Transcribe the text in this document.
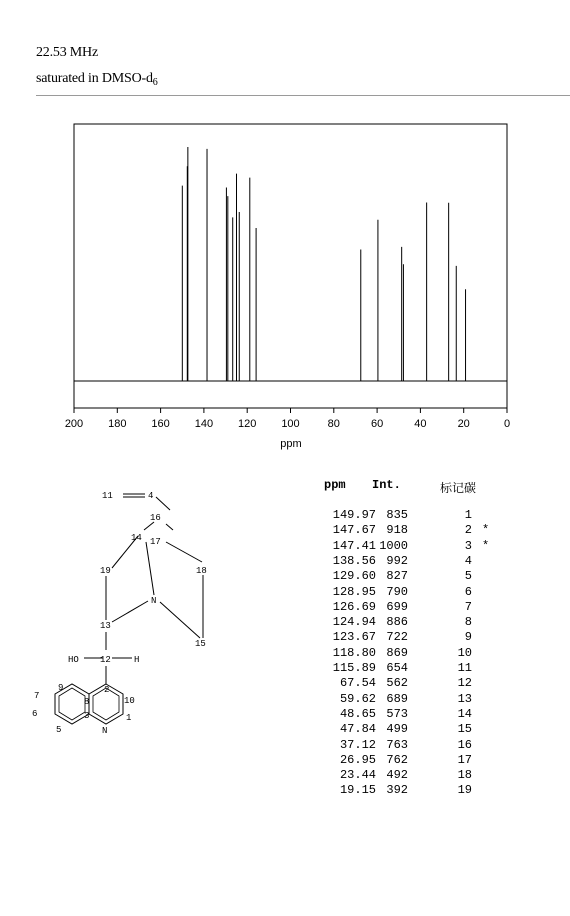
22.53 MHz
saturated in DMSO-$d_6$
200 180 160 140 120 100	80	60	40	20	0
ppm
11	4
16
14 17
19	18
N
13
15
HO 12	H
9	2
7	10
8
6	3	1
5	N
ppm Int.	标记碳
149.97 835	1
147.67 918	2 *
147.41 1000	3 *
138.56 992	4
129.60 827	5
128.95 790	6
126.69 699	7
124.94 886	8
123.67 722	9
118.80 869	10
115.89 654	11
67.54 562	12
59.62 689	13
48.65 573	14
47.84 499	15
37.12 763	16
26.95 762	17
23.44 492	18
19.15 392	19
